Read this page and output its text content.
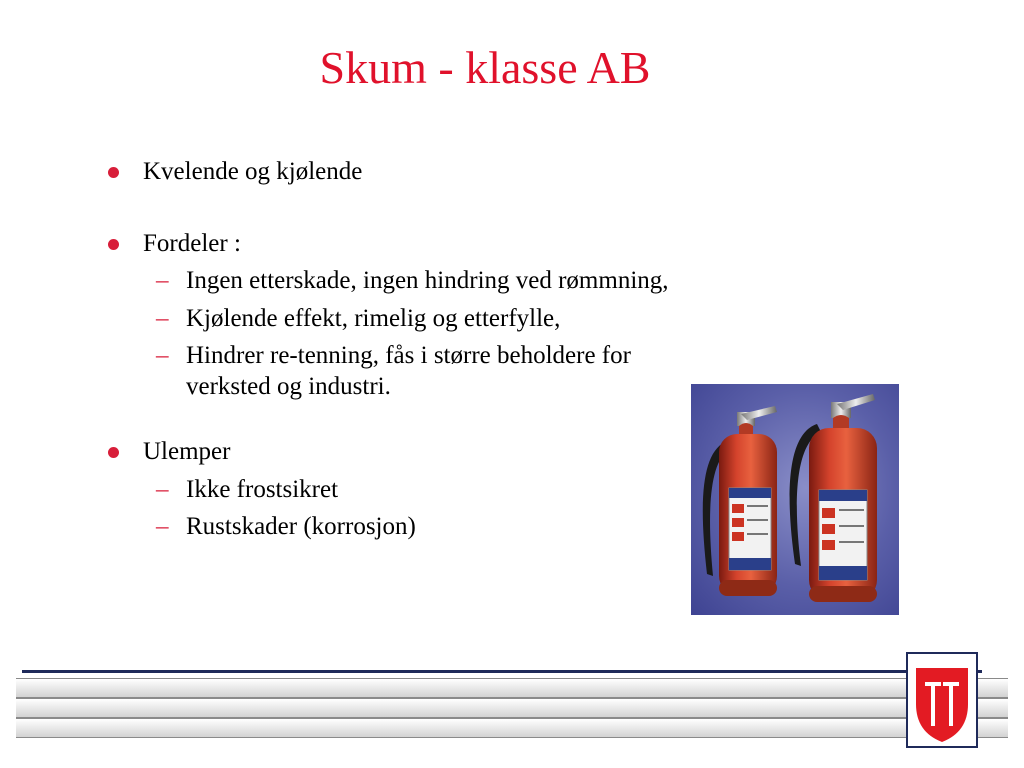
Skum - klasse AB
Kvelende og kjølende
Fordeler :
– Ingen etterskade, ingen hindring ved rømmning,
– Kjølende effekt, rimelig og etterfylle,
– Hindrer re-tenning, fås i større beholdere for
verksted og industri.
Ulemper
– Ikke frostsikret
– Rustskader (korrosjon)
